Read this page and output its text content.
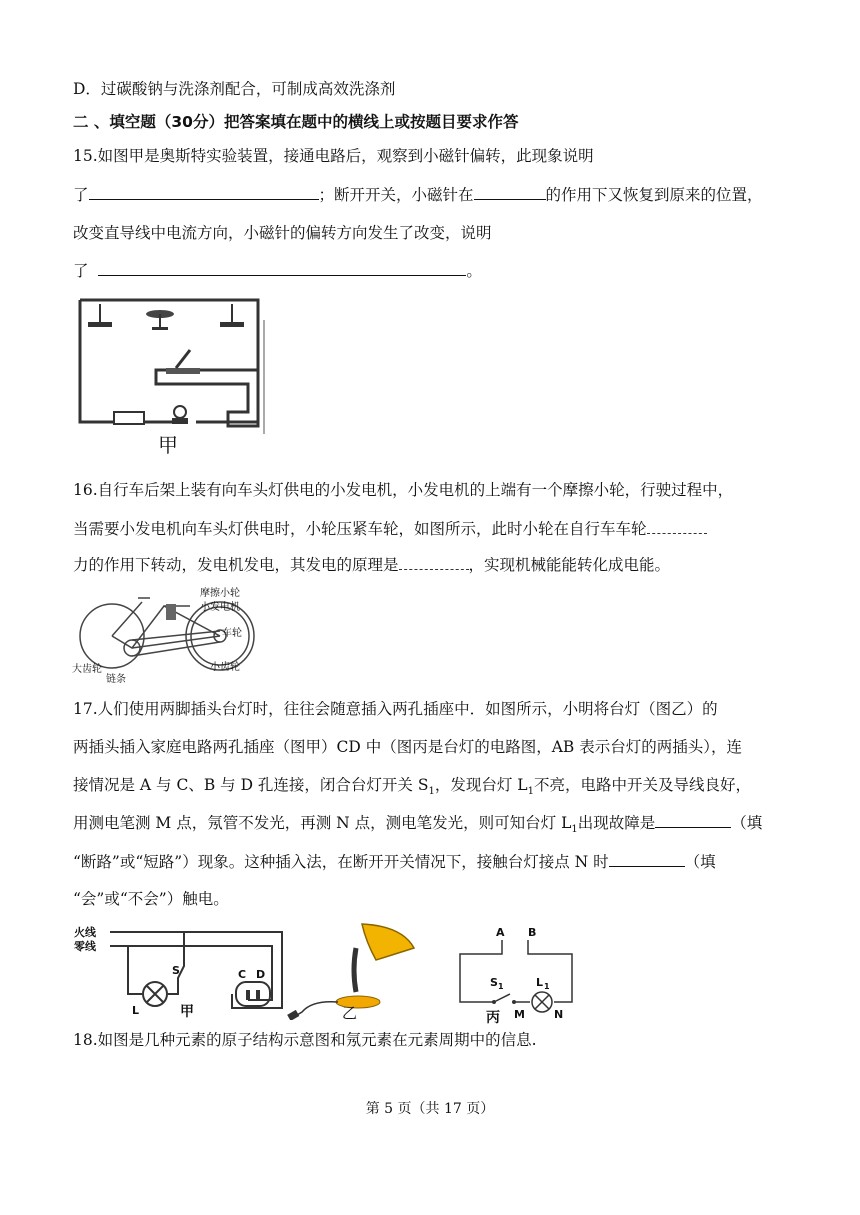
D．过碳酸钠与洗涤剂配合，可制成高效洗涤剂
二 、填空题（30分）把答案填在题中的横线上或按题目要求作答
15.如图甲是奥斯特实验装置，接通电路后，观察到小磁针偏转，此现象说明
了	；断开开关，小磁针在	的作用下又恢复到原来的位置，
改变直导线中电流方向，小磁针的偏转方向发生了改变，说明
了	。
甲
16.自行车后架上装有向车头灯供电的小发电机，小发电机的上端有一个摩擦小轮，行驶过程中，
当需要小发电机向车头灯供电时，小轮压紧车轮，如图所示，此时小轮在自行车车轮
力的作用下转动，发电机发电，其发电的原理是	，实现机械能能转化成电能。
摩擦小轮
小发电机
车轮
小齿轮
大齿轮
链条
17.人们使用两脚插头台灯时，往往会随意插入两孔插座中．如图所示，小明将台灯（图乙）的
两插头插入家庭电路两孔插座（图甲）CD 中（图丙是台灯的电路图，AB 表示台灯的两插头），连
接情况是 A 与 C、B 与 D 孔连接，闭合台灯开关 $S_1$，发现台灯 $L_1$不亮，电路中开关及导线良好，
用测电笔测 M 点，氖管不发光，再测 N 点，测电笔发光，则可知台灯 $L_1$出现故障是	（填
“断路”或“短路”）现象。这种插入法，在断开开关情况下，接触台灯接点 N 时	（填
“会”或“不会”）触电。
火线
零线
S
L
C D
甲	乙
A B
S 1	L 1
M	N
丙
18.如图是几种元素的原子结构示意图和氖元素在元素周期中的信息.
第 5 页（共 17 页）
